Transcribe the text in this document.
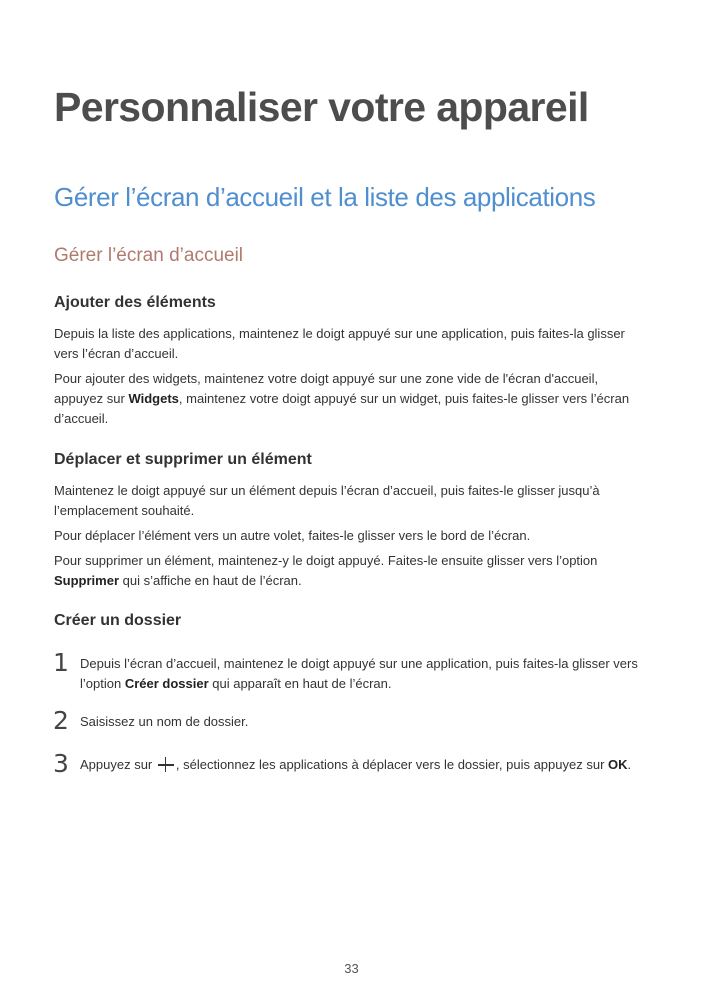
Personnaliser votre appareil
Gérer l’écran d’accueil et la liste des applications
Gérer l’écran d’accueil
Ajouter des éléments
Depuis la liste des applications, maintenez le doigt appuyé sur une application, puis faites-la glisser vers l’écran d’accueil.
Pour ajouter des widgets, maintenez votre doigt appuyé sur une zone vide de l'écran d'accueil, appuyez sur Widgets, maintenez votre doigt appuyé sur un widget, puis faites-le glisser vers l’écran d’accueil.
Déplacer et supprimer un élément
Maintenez le doigt appuyé sur un élément depuis l’écran d’accueil, puis faites-le glisser jusqu’à l’emplacement souhaité.
Pour déplacer l’élément vers un autre volet, faites-le glisser vers le bord de l’écran.
Pour supprimer un élément, maintenez-y le doigt appuyé. Faites-le ensuite glisser vers l’option Supprimer qui s’affiche en haut de l’écran.
Créer un dossier
1 Depuis l’écran d’accueil, maintenez le doigt appuyé sur une application, puis faites-la glisser vers l’option Créer dossier qui apparaît en haut de l’écran.
2 Saisissez un nom de dossier.
3 Appuyez sur , sélectionnez les applications à déplacer vers le dossier, puis appuyez sur OK.
33
